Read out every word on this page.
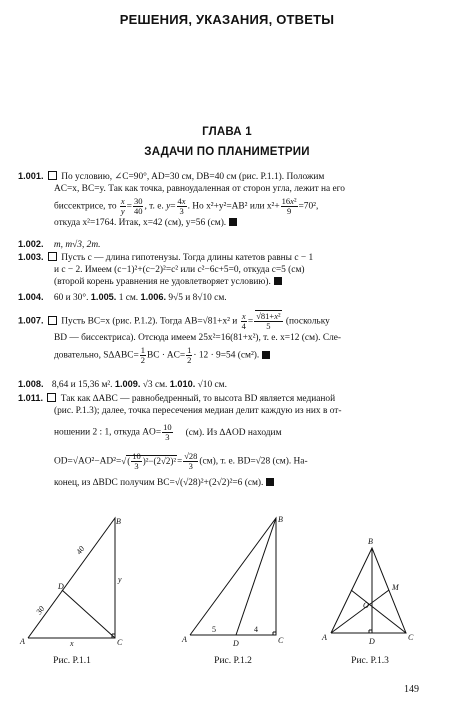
РЕШЕНИЯ, УКАЗАНИЯ, ОТВЕТЫ
ГЛАВА 1
ЗАДАЧИ ПО ПЛАНИМЕТРИИ
1.001. По условию, ∠C=90°, AD=30 см, DB=40 см (рис. Р.1.1). Положим

AC=x, BC=y. Так как точка, равноудаленная от сторон угла, лежит на его
биссектрисе, то $\frac{x}{y} = \frac{30}{40}$ , т. е. $y= \frac{4x}{3}$ . Но x²+y²=AB² или $x^2+ \frac{\text{16x²}}{9} =70^2$,
откуда x²=1764. Итак, x=42 (см), y=56 (см).
1.002. m, m√3, 2m.
1.003. Пусть c — длина гипотенузы. Тогда длины катетов равны c − 1

и c − 2. Имеем (c−1)²+(c−2)²=c² или c²−6c+5=0, откуда c=5 (см)
(второй корень уравнения не удовлетворяет условию).
1.004. 60 и 30°. 1.005. 1 см. 1.006. 9√5 и 8√10 см.
1.007. Пусть BC=x (рис. Р.1.2). Тогда AB=√81+x² и $\frac{x}{4} = \frac{\text{√81+x²}}{5}$ (поскольку
BD — биссектриса). Отсюда имеем 25x²=16(81+x²), т. е. x=12 (см). Сле-
довательно, $S\Delta ABC= \frac{1}{2}$ BC · $AC= \frac{1}{2} \cdot 12 \cdot 9=54$ (см²).
1.008. 8,64 и 15,36 м². 1.009. √3 см. 1.010. √10 см.
1.011. Так как ∆ABC — равнобедренный, то высота BD является медианой

(рис. Р.1.3); далее, точка пересечения медиан делит каждую из них в от-
ношении 2 : 1, откуда $AO= \frac{10}{3} (см)$. Из ∆AOD находим
$OD=√AO^2-AD^2=√( \frac{10}{3} )^2-(2√2)^2= \frac{√28}{3} (см)$, т. е. BD=√28 (см). На-
конец, из ∆BDC получим BC=√(√28)²+(2√2)²=6 (см).
B
D
A	C
x
y
40
30
B
A	D	C
5	4
B
M
O
A	D	C
Рис. Р.1.1	Рис. Р.1.2	Рис. Р.1.3
149
